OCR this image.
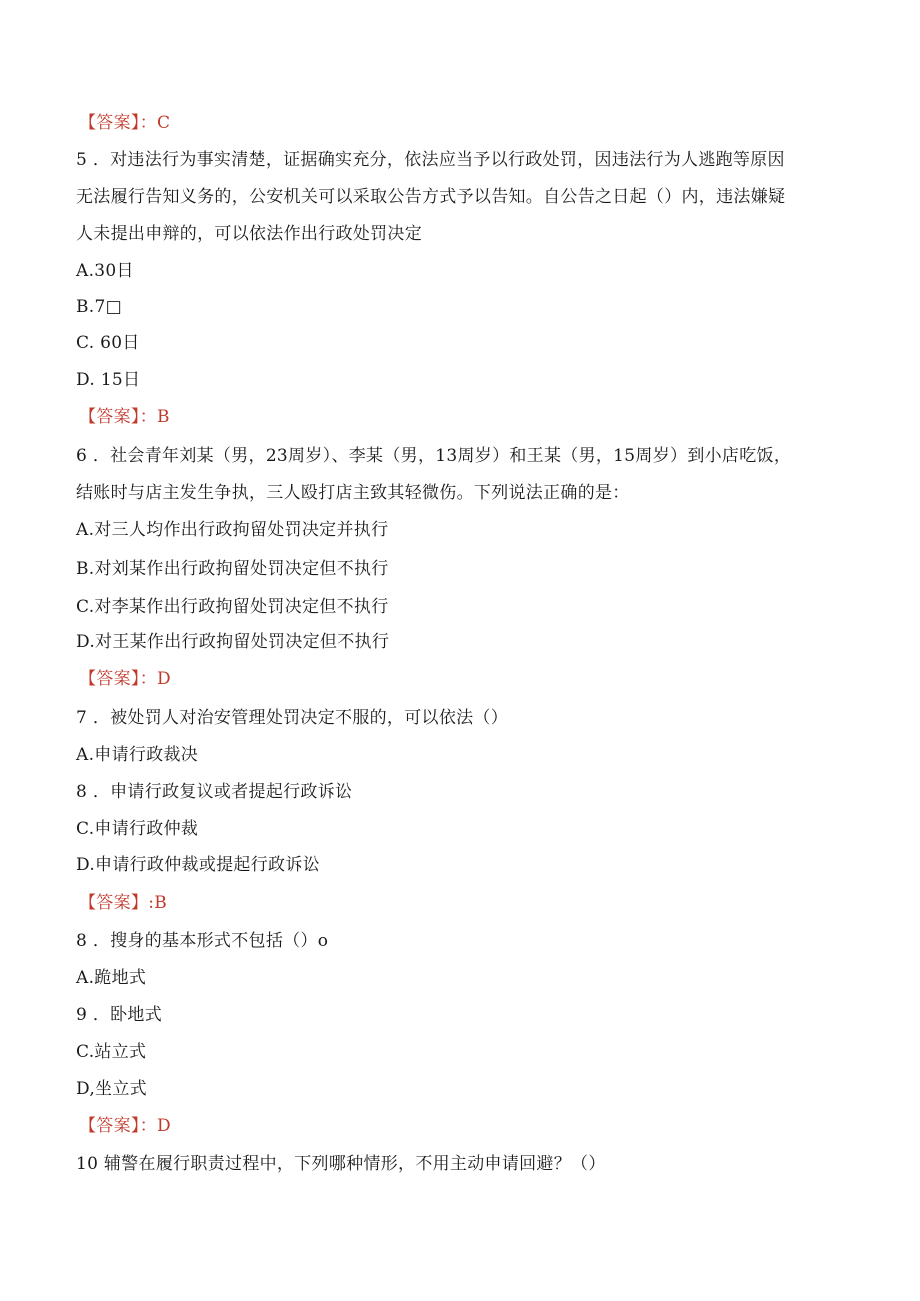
【答案】：C
5 ．对违法行为事实清楚，证据确实充分，依法应当予以行政处罚，因违法行为人逃跑等原因
无法履行告知义务的，公安机关可以采取公告方式予以告知。自公告之日起（）内，违法嫌疑
人未提出申辩的，可以依法作出行政处罚决定
A.30日
B.7□
C. 60日
D. 15日
【答案】：B
6 ．社会青年刘某（男，23周岁）、李某（男，13周岁）和王某（男，15周岁）到小店吃饭，
结账时与店主发生争执，三人殴打店主致其轻微伤。下列说法正确的是：
A.对三人均作出行政拘留处罚决定并执行
B.对刘某作出行政拘留处罚决定但不执行
C.对李某作出行政拘留处罚决定但不执行
D.对王某作出行政拘留处罚决定但不执行
【答案】：D
7 ．被处罚人对治安管理处罚决定不服的，可以依法（）
A.申请行政裁决
8 ．申请行政复议或者提起行政诉讼
C.申请行政仲裁
D.申请行政仲裁或提起行政诉讼
【答案】:B
8 ．搜身的基本形式不包括（）o
A.跪地式
9 ．卧地式
C.站立式
D,坐立式
【答案】：D
10 辅警在履行职责过程中，下列哪种情形，不用主动申请回避？（）
